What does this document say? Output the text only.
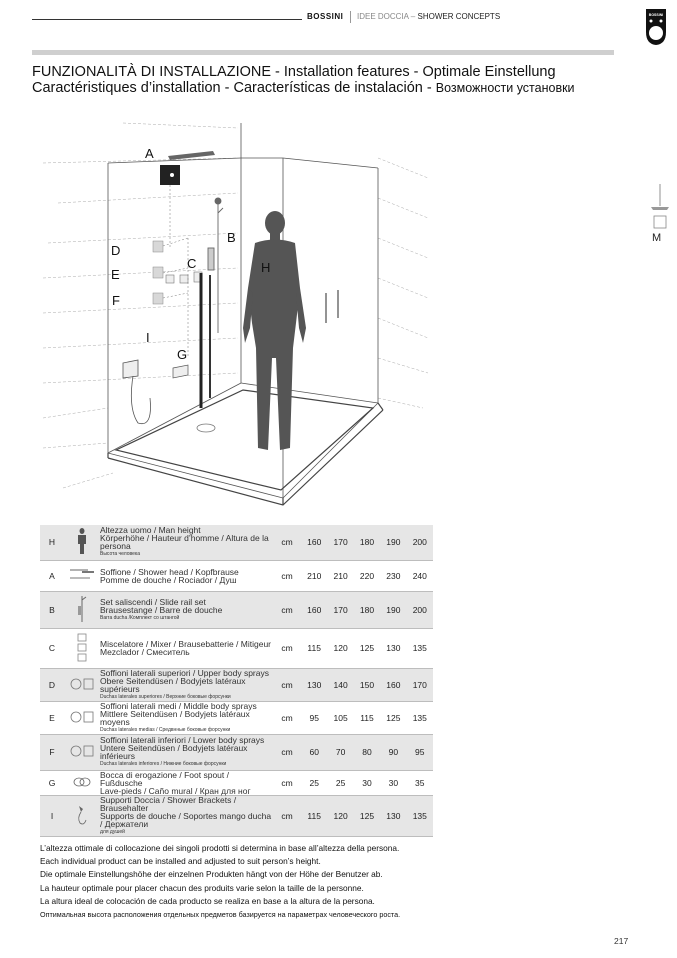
BOSSINI IDEE DOCCIA – SHOWER CONCEPTS	BOSSINI
FUNZIONALITÀ DI INSTALLAZIONE - Installation features - Optimale Einstellung
Caractéristiques d’installation - Características de instalación - Возможности установки
A
B
C
D
E
F
G
H
I
M
H		Altezza uomo / Man height
Körperhöhe / Hauteur d’homme / Altura de la persona
Высота человека	cm	160	170	180	190	200
A		Soffione / Shower head / Kopfbrause
Pomme de douche / Rociador / Душ	cm	210	210	220	230	240
B		Set saliscendi / Slide rail set
Brausestange / Barre de douche
Barra ducha /Комплект со штангой	cm	160	170	180	190	200
C		Miscelatore / Mixer / Brausebatterie / Mitigeur
Mezclador / Смеситель	cm	115	120	125	130	135
D		Soffioni laterali superiori / Upper body sprays
Obere Seitendüsen / Bodyjets latéraux supérieurs
Duchas laterales superiores / Верхние боковые форсунки	cm	130	140	150	160	170
E		Soffioni laterali medi / Middle body sprays
Mittlere Seitendüsen / Bodyjets latéraux moyens
Duchas laterales medias / Средвнные боковые форсунки	cm	95	105	115	125	135
F		Soffioni laterali inferiori / Lower body sprays
Untere Seitendüsen / Bodyjets latéraux inférieurs
Duchas laterales inferiores / Нижние боковые форсунки	cm	60	70	80	90	95
G		Bocca di erogazione / Foot spout / Fußdusche
Lave-pieds / Caño mural / Кран для ног	cm	25	25	30	30	35
I		Supporti Doccia / Shower Brackets / Brausehalter
Supports de douche / Soportes mango ducha / Держатели
для душей	cm	115	120	125	130	135

L’altezza ottimale di collocazione dei singoli prodotti si determina in base all’altezza della persona.

Each individual product can be installed and adjusted to suit person’s height.

Die optimale Einstellungshöhe der einzelnen Produkten hängt von der Höhe der Benutzer ab.

La hauteur optimale pour placer chacun des produits varie selon la taille de la personne.

La altura ideal de colocación de cada producto se realiza en base a la altura de la persona.

Оптимальная высота расположения отдельных предметов базируется на параметрах человеческого роста.

217
